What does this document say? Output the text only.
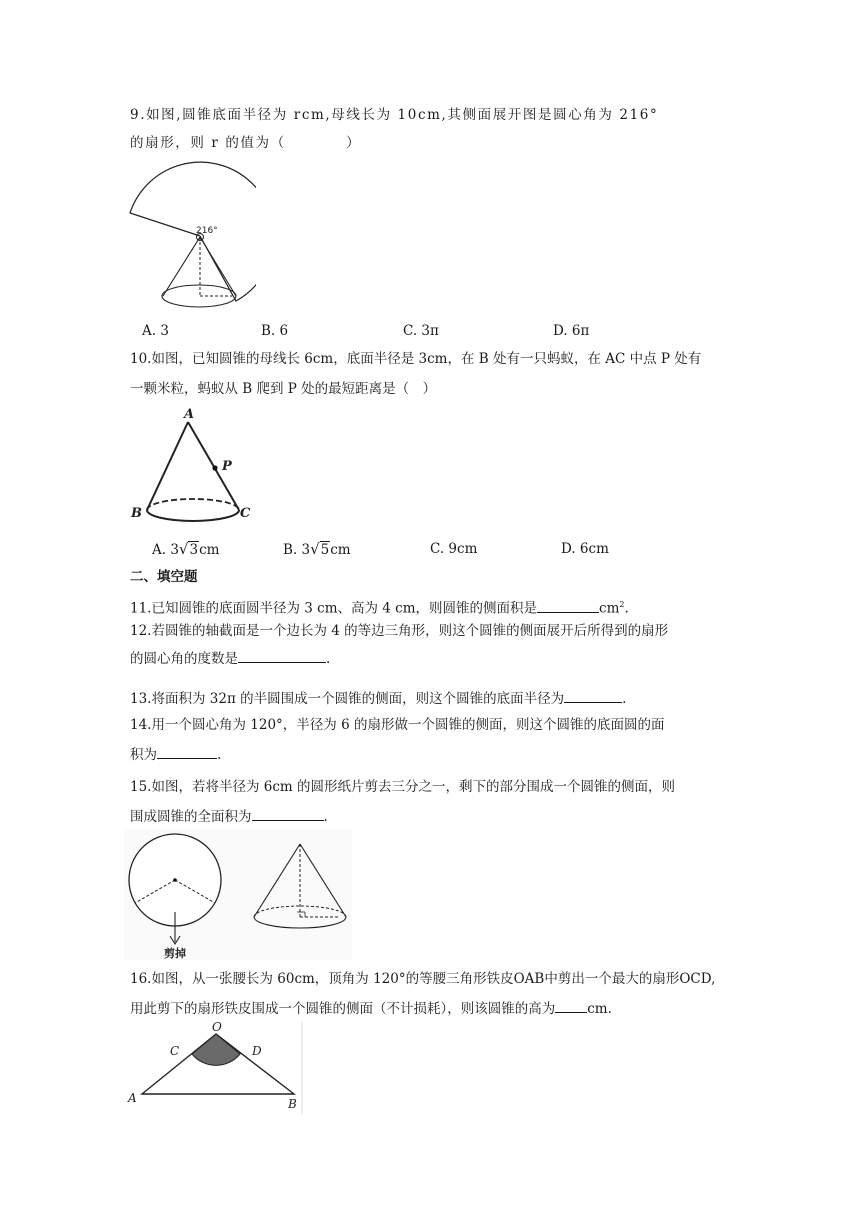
9.如图,圆锥底面半径为 rcm,母线长为 10cm,其侧面展开图是圆心角为 216°
的扇形，则 r 的值为（　　　　）
216°
A. 3	B. 6	C. 3π	D. 6π
10.如图，已知圆锥的母线长 6cm，底面半径是 3cm，在 B 处有一只蚂蚁，在 AC 中点 P 处有
一颗米粒，蚂蚁从 B 爬到 P 处的最短距离是（　）
A
P
B	C
A. 3√3cm	B. 3√5cm	C. 9cm	D. 6cm
二、填空题
11.已知圆锥的底面圆半径为 3 cm、高为 4 cm，则圆锥的侧面积是	$cm^2$.
12.若圆锥的轴截面是一个边长为 4 的等边三角形，则这个圆锥的侧面展开后所得到的扇形
的圆心角的度数是	.
13.将面积为 32π 的半圆围成一个圆锥的侧面，则这个圆锥的底面半径为	.
14.用一个圆心角为 120°，半径为 6 的扇形做一个圆锥的侧面，则这个圆锥的底面圆的面
积为	.
15.如图，若将半径为 6cm 的圆形纸片剪去三分之一，剩下的部分围成一个圆锥的侧面，则
围成圆锥的全面积为	.
剪掉
16.如图，从一张腰长为 60cm，顶角为 120°的等腰三角形铁皮OAB中剪出一个最大的扇形OCD,
用此剪下的扇形铁皮围成一个圆锥的侧面（不计损耗），则该圆锥的高为 cm.
O
C	D
A	B
